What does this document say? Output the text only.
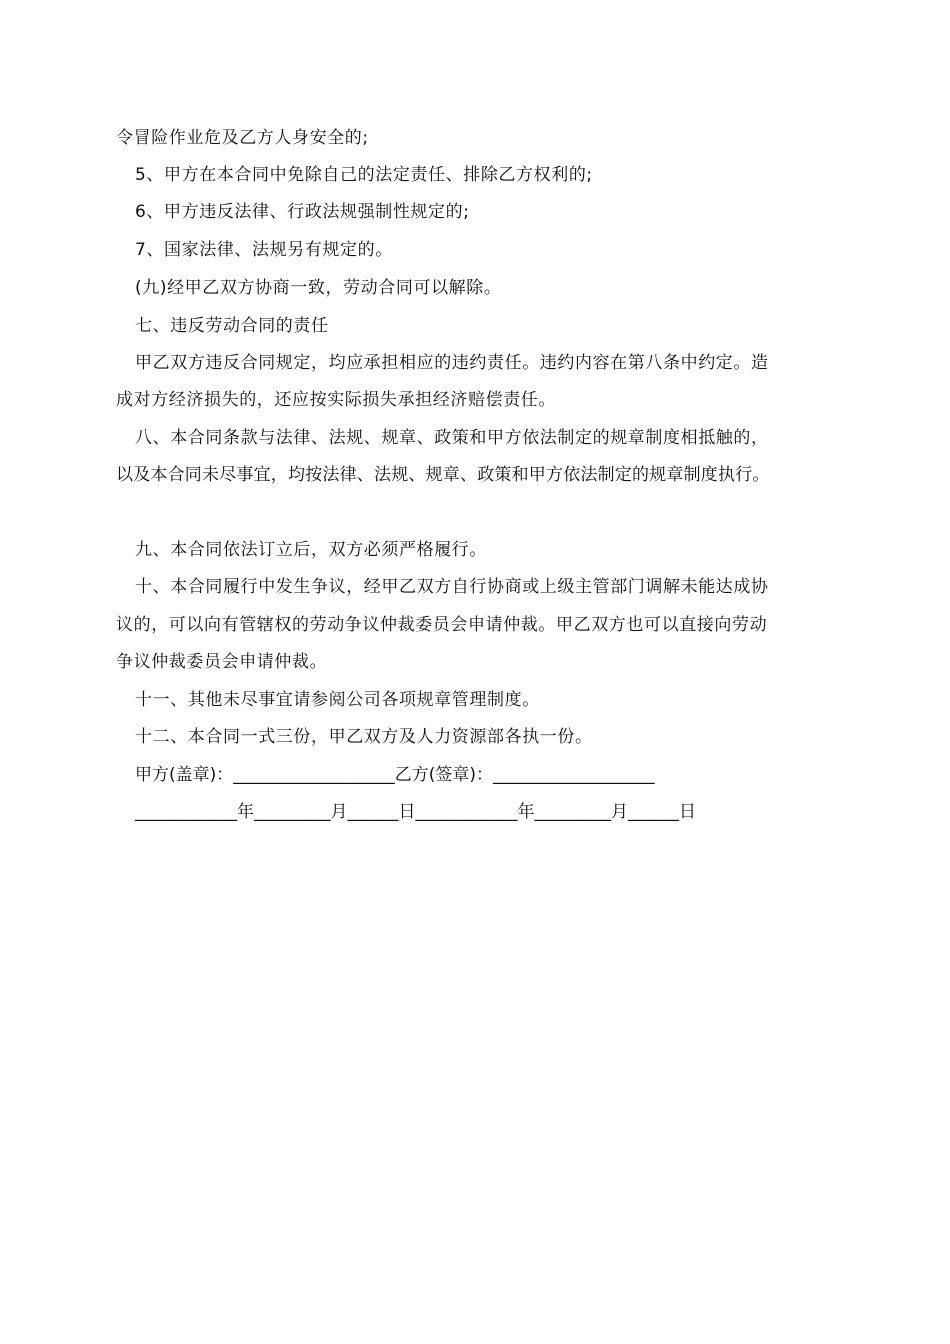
令冒险作业危及乙方人身安全的;
5、甲方在本合同中免除自己的法定责任、排除乙方权利的;
6、甲方违反法律、行政法规强制性规定的;
7、国家法律、法规另有规定的。
(九)经甲乙双方协商一致，劳动合同可以解除。
七、违反劳动合同的责任
甲乙双方违反合同规定，均应承担相应的违约责任。违约内容在第八条中约定。造
成对方经济损失的，还应按实际损失承担经济赔偿责任。
八、本合同条款与法律、法规、规章、政策和甲方依法制定的规章制度相抵触的，
以及本合同未尽事宜，均按法律、法规、规章、政策和甲方依法制定的规章制度执行。
九、本合同依法订立后，双方必须严格履行。
十、本合同履行中发生争议，经甲乙双方自行协商或上级主管部门调解未能达成协
议的，可以向有管辖权的劳动争议仲裁委员会申请仲裁。甲乙双方也可以直接向劳动
争议仲裁委员会申请仲裁。
十一、其他未尽事宜请参阅公司各项规章管理制度。
十二、本合同一式三份，甲乙双方及人力资源部各执一份。
甲方(盖章)：___________________乙方(签章)：___________________
____________年_________月______日____________年_________月______日
